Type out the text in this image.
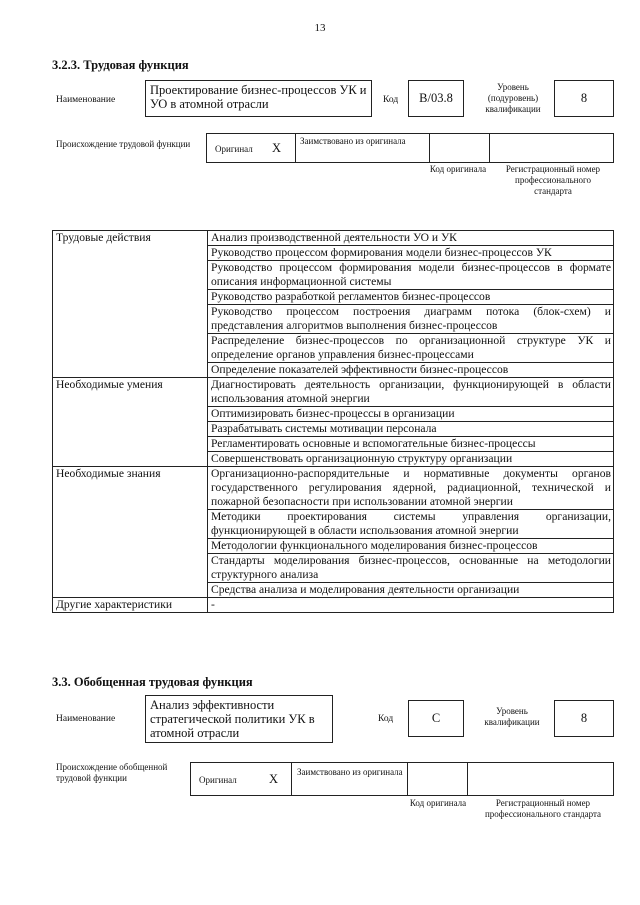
13
3.2.3. Трудовая функция
Наименование
Проектирование бизнес-процессов УК и УО в атомной отрасли	Код	B/03.8
Уровень (подуровень) квалификации
8
Происхождение трудовой функции	Оригинал X Заимствовано из оригинала
Код оригинала	Регистрационный номер профессионального стандарта
Трудовые действия	Анализ производственной деятельности УО и УК
	Руководство процессом формирования модели бизнес-процессов УК
	Руководство процессом формирования модели бизнес-процессов в формате описания информационной системы
	Руководство разработкой регламентов бизнес-процессов
	Руководство процессом построения диаграмм потока (блок-схем) и представления алгоритмов выполнения бизнес-процессов
	Распределение бизнес-процессов по организационной структуре УК и определение органов управления бизнес-процессами
	Определение показателей эффективности бизнес-процессов
Необходимые умения	Диагностировать деятельность организации, функционирующей в области использования атомной энергии
	Оптимизировать бизнес-процессы в организации
	Разрабатывать системы мотивации персонала
	Регламентировать основные и вспомогательные бизнес-процессы
	Совершенствовать организационную структуру организации
Необходимые знания	Организационно-распорядительные и нормативные документы органов государственного регулирования ядерной, радиационной, технической и пожарной безопасности при использовании атомной энергии
	Методики проектирования системы управления организации, функционирующей в области использования атомной энергии
	Методологии функционального моделирования бизнес-процессов
	Стандарты моделирования бизнес-процессов, основанные на методологии структурного анализа
	Средства анализа и моделирования деятельности организации
Другие характеристики	-
3.3. Обобщенная трудовая функция
Наименование
Анализ эффективности стратегической политики УК в атомной отрасли
Код	C	Уровень квалификации	8
Происхождение обобщенной трудовой функции	Оригинал	X Заимствовано из оригинала
Код оригинала	Регистрационный номер профессионального стандарта
